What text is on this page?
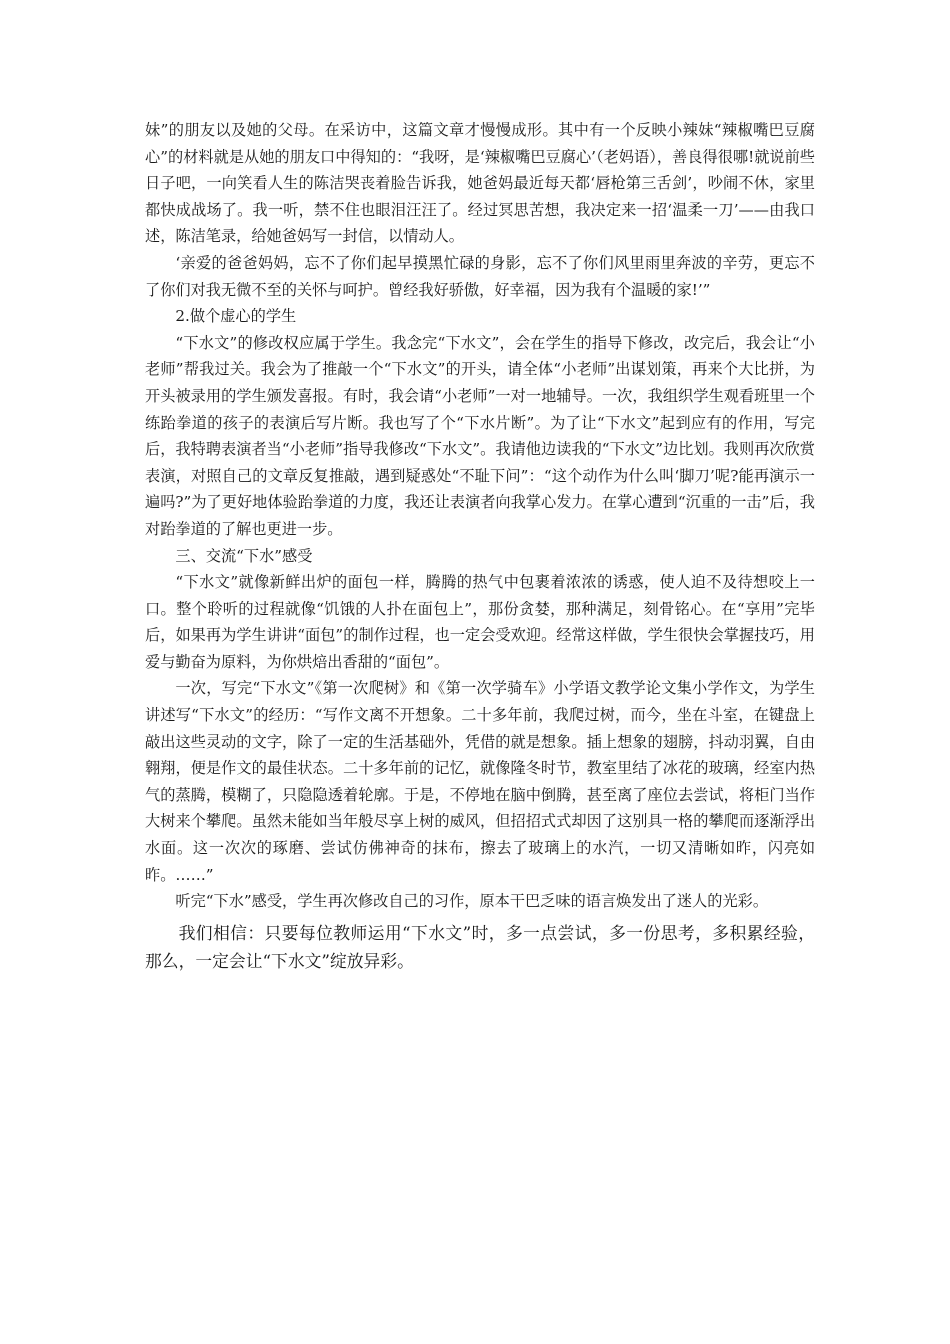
妹”的朋友以及她的父母。在采访中，这篇文章才慢慢成形。其中有一个反映小辣妹“辣椒嘴巴豆腐心”的材料就是从她的朋友口中得知的：“我呀，是‘辣椒嘴巴豆腐心’（老妈语），善良得很哪!就说前些日子吧，一向笑看人生的陈洁哭丧着脸告诉我，她爸妈最近每天都‘唇枪第三舌剑’，吵闹不休，家里都快成战场了。我一听，禁不住也眼泪汪汪了。经过冥思苦想，我决定来一招‘温柔一刀’——由我口述，陈洁笔录，给她爸妈写一封信，以情动人。

‘亲爱的爸爸妈妈，忘不了你们起早摸黑忙碌的身影，忘不了你们风里雨里奔波的辛劳，更忘不了你们对我无微不至的关怀与呵护。曾经我好骄傲，好幸福，因为我有个温暖的家!’”

2.做个虚心的学生

“下水文”的修改权应属于学生。我念完“下水文”，会在学生的指导下修改，改完后，我会让“小老师”帮我过关。我会为了推敲一个“下水文”的开头，请全体“小老师”出谋划策，再来个大比拼，为开头被录用的学生颁发喜报。有时，我会请“小老师”一对一地辅导。一次，我组织学生观看班里一个练跆拳道的孩子的表演后写片断。我也写了个“下水片断”。为了让“下水文”起到应有的作用，写完后，我特聘表演者当“小老师”指导我修改“下水文”。我请他边读我的“下水文”边比划。我则再次欣赏表演，对照自己的文章反复推敲，遇到疑惑处“不耻下问”：“这个动作为什么叫‘脚刀’呢?能再演示一遍吗?”为了更好地体验跆拳道的力度，我还让表演者向我掌心发力。在掌心遭到“沉重的一击”后，我对跆拳道的了解也更进一步。

三、交流“下水”感受

“下水文”就像新鲜出炉的面包一样，腾腾的热气中包裹着浓浓的诱惑，使人迫不及待想咬上一口。整个聆听的过程就像“饥饿的人扑在面包上”，那份贪婪，那种满足，刻骨铭心。在“享用”完毕后，如果再为学生讲讲“面包”的制作过程，也一定会受欢迎。经常这样做，学生很快会掌握技巧，用爱与勤奋为原料，为你烘焙出香甜的“面包”。

一次，写完“下水文”《第一次爬树》和《第一次学骑车》小学语文教学论文集小学作文，为学生讲述写“下水文”的经历：“写作文离不开想象。二十多年前，我爬过树，而今，坐在斗室，在键盘上敲出这些灵动的文字，除了一定的生活基础外，凭借的就是想象。插上想象的翅膀，抖动羽翼，自由翱翔，便是作文的最佳状态。二十多年前的记忆，就像隆冬时节，教室里结了冰花的玻璃，经室内热气的蒸腾，模糊了，只隐隐透着轮廓。于是，不停地在脑中倒腾，甚至离了座位去尝试，将柜门当作大树来个攀爬。虽然未能如当年般尽享上树的威风，但招招式式却因了这别具一格的攀爬而逐渐浮出水面。这一次次的琢磨、尝试仿佛神奇的抹布，擦去了玻璃上的水汽，一切又清晰如昨，闪亮如昨。……”

听完“下水”感受，学生再次修改自己的习作，原本干巴乏味的语言焕发出了迷人的光彩。

我们相信：只要每位教师运用“下水文”时，多一点尝试，多一份思考，多积累经验，那么，一定会让“下水文”绽放异彩。
